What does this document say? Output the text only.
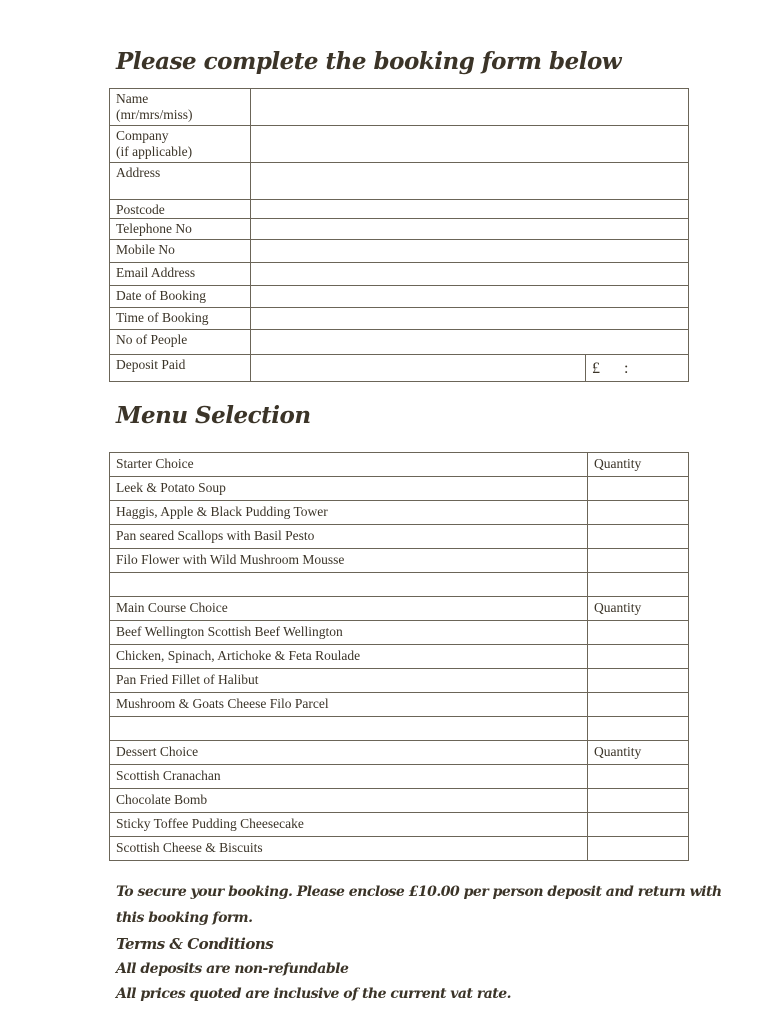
Please complete the booking form below
Name
(mr/mrs/miss)		
Company
(if applicable)		
Address		
Postcode		
Telephone No		
Mobile No		
Email Address		
Date of Booking		
Time of Booking		
No of People		
Deposit Paid		£      :
Menu Selection
Starter Choice	Quantity
Leek & Potato Soup	
Haggis, Apple & Black Pudding Tower	
Pan seared Scallops with Basil Pesto	
Filo Flower with Wild Mushroom Mousse	

Main Course Choice	Quantity
Beef Wellington Scottish Beef Wellington	
Chicken, Spinach, Artichoke & Feta Roulade	
Pan Fried Fillet of Halibut	
Mushroom & Goats Cheese Filo Parcel	

Dessert Choice	Quantity
Scottish Cranachan	
Chocolate Bomb	
Sticky Toffee Pudding Cheesecake	
Scottish Cheese & Biscuits	
To secure your booking. Please enclose £10.00 per person deposit and return with
this booking form.
Terms & Conditions
All deposits are non-refundable
All prices quoted are inclusive of the current vat rate.
